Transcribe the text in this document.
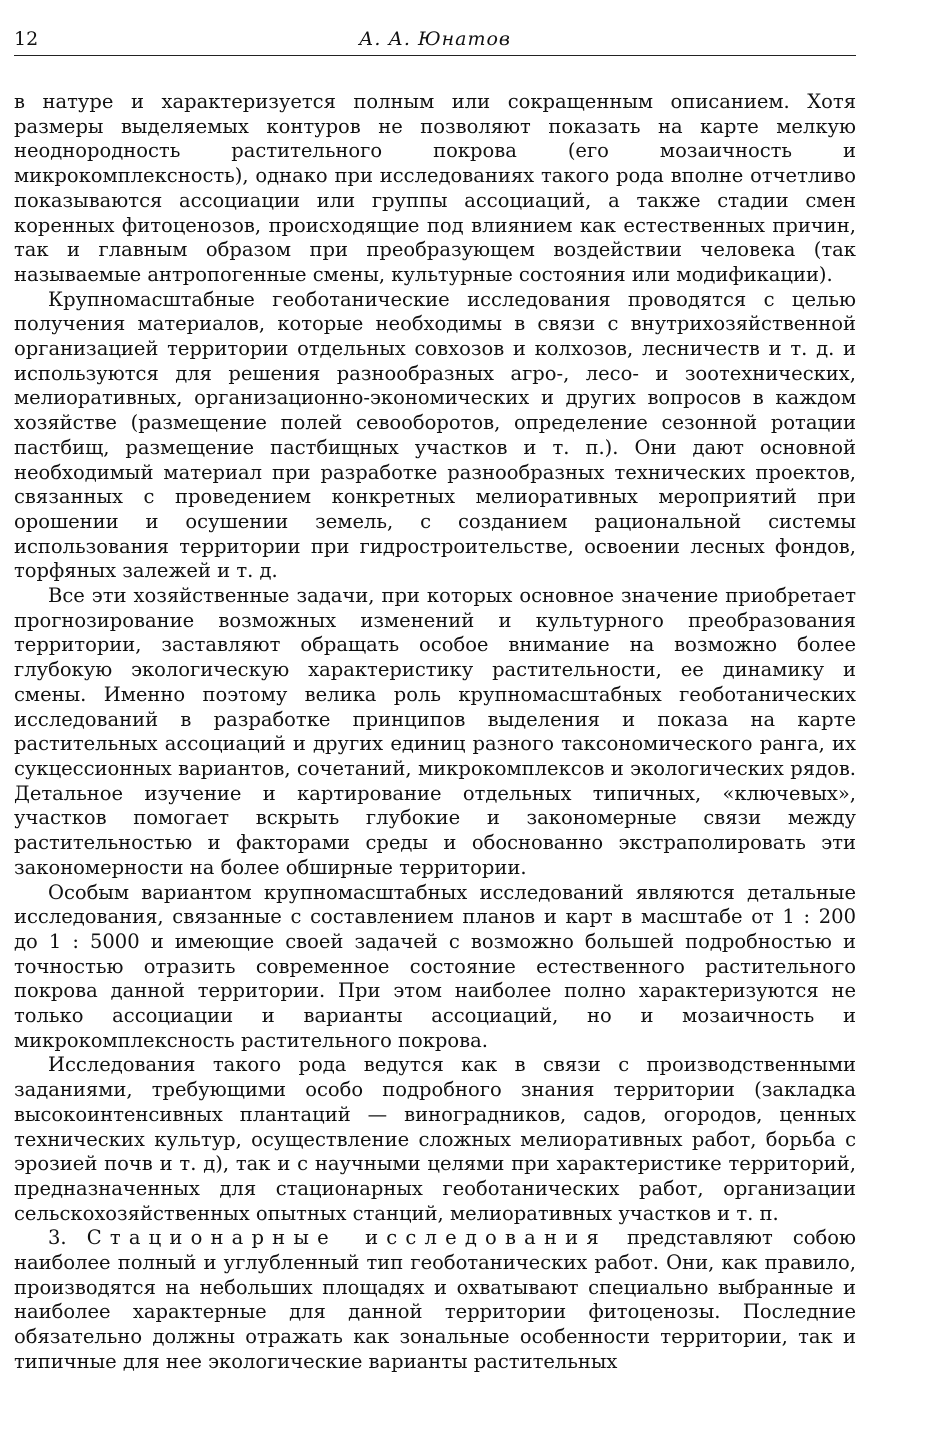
12	А. А. Юнатов

в натуре и характеризуется полным или сокращенным описанием. Хотя размеры выделяемых контуров не позволяют показать на карте мелкую неоднородность растительного покрова (его мозаичность и микрокомплексность), однако при исследованиях такого рода вполне отчетливо показываются ассоциации или группы ассоциаций, а также стадии смен коренных фитоценозов, происходящие под влиянием как естественных причин, так и главным образом при преобразующем воздействии человека (так называемые антропогенные смены, культурные состояния или модификации).

Крупномасштабные геоботанические исследования проводятся с целью получения материалов, которые необходимы в связи с внутрихозяйственной организацией территории отдельных совхозов и колхозов, лесничеств и т. д. и используются для решения разнообразных агро-, лесо- и зоотехнических, мелиоративных, организационно-экономических и других вопросов в каждом хозяйстве (размещение полей севооборотов, определение сезонной ротации пастбищ, размещение пастбищных участков и т. п.). Они дают основной необходимый материал при разработке разнообразных технических проектов, связанных с проведением конкретных мелиоративных мероприятий при орошении и осушении земель, с созданием рациональной системы использования территории при гидростроительстве, освоении лесных фондов, торфяных залежей и т. д.

Все эти хозяйственные задачи, при которых основное значение приобретает прогнозирование возможных изменений и культурного преобразования территории, заставляют обращать особое внимание на возможно более глубокую экологическую характеристику растительности, ее динамику и смены. Именно поэтому велика роль крупномасштабных геоботанических исследований в разработке принципов выделения и показа на карте растительных ассоциаций и других единиц разного таксономического ранга, их сукцессионных вариантов, сочетаний, микрокомплексов и экологических рядов. Детальное изучение и картирование отдельных типичных, «ключевых», участков помогает вскрыть глубокие и закономерные связи между растительностью и факторами среды и обоснованно экстраполировать эти закономерности на более обширные территории.

Особым вариантом крупномасштабных исследований являются детальные исследования, связанные с составлением планов и карт в масштабе от 1 : 200 до 1 : 5000 и имеющие своей задачей с возможно большей подробностью и точностью отразить современное состояние естественного растительного покрова данной территории. При этом наиболее полно характеризуются не только ассоциации и варианты ассоциаций, но и мозаичность и микрокомплексность растительного покрова.

Исследования такого рода ведутся как в связи с производственными заданиями, требующими особо подробного знания территории (закладка высокоинтенсивных плантаций — виноградников, садов, огородов, ценных технических культур, осуществление сложных мелиоративных работ, борьба с эрозией почв и т. д), так и с научными целями при характеристике территорий, предназначенных для стационарных геоботанических работ, организации сельскохозяйственных опытных станций, мелиоративных участков и т. п.

3. Стационарные исследования представляют собою наиболее полный и углубленный тип геоботанических работ. Они, как правило, производятся на небольших площадях и охватывают специально выбранные и наиболее характерные для данной территории фитоценозы. Последние обязательно должны отражать как зональные особенности территории, так и типичные для нее экологические варианты растительных
